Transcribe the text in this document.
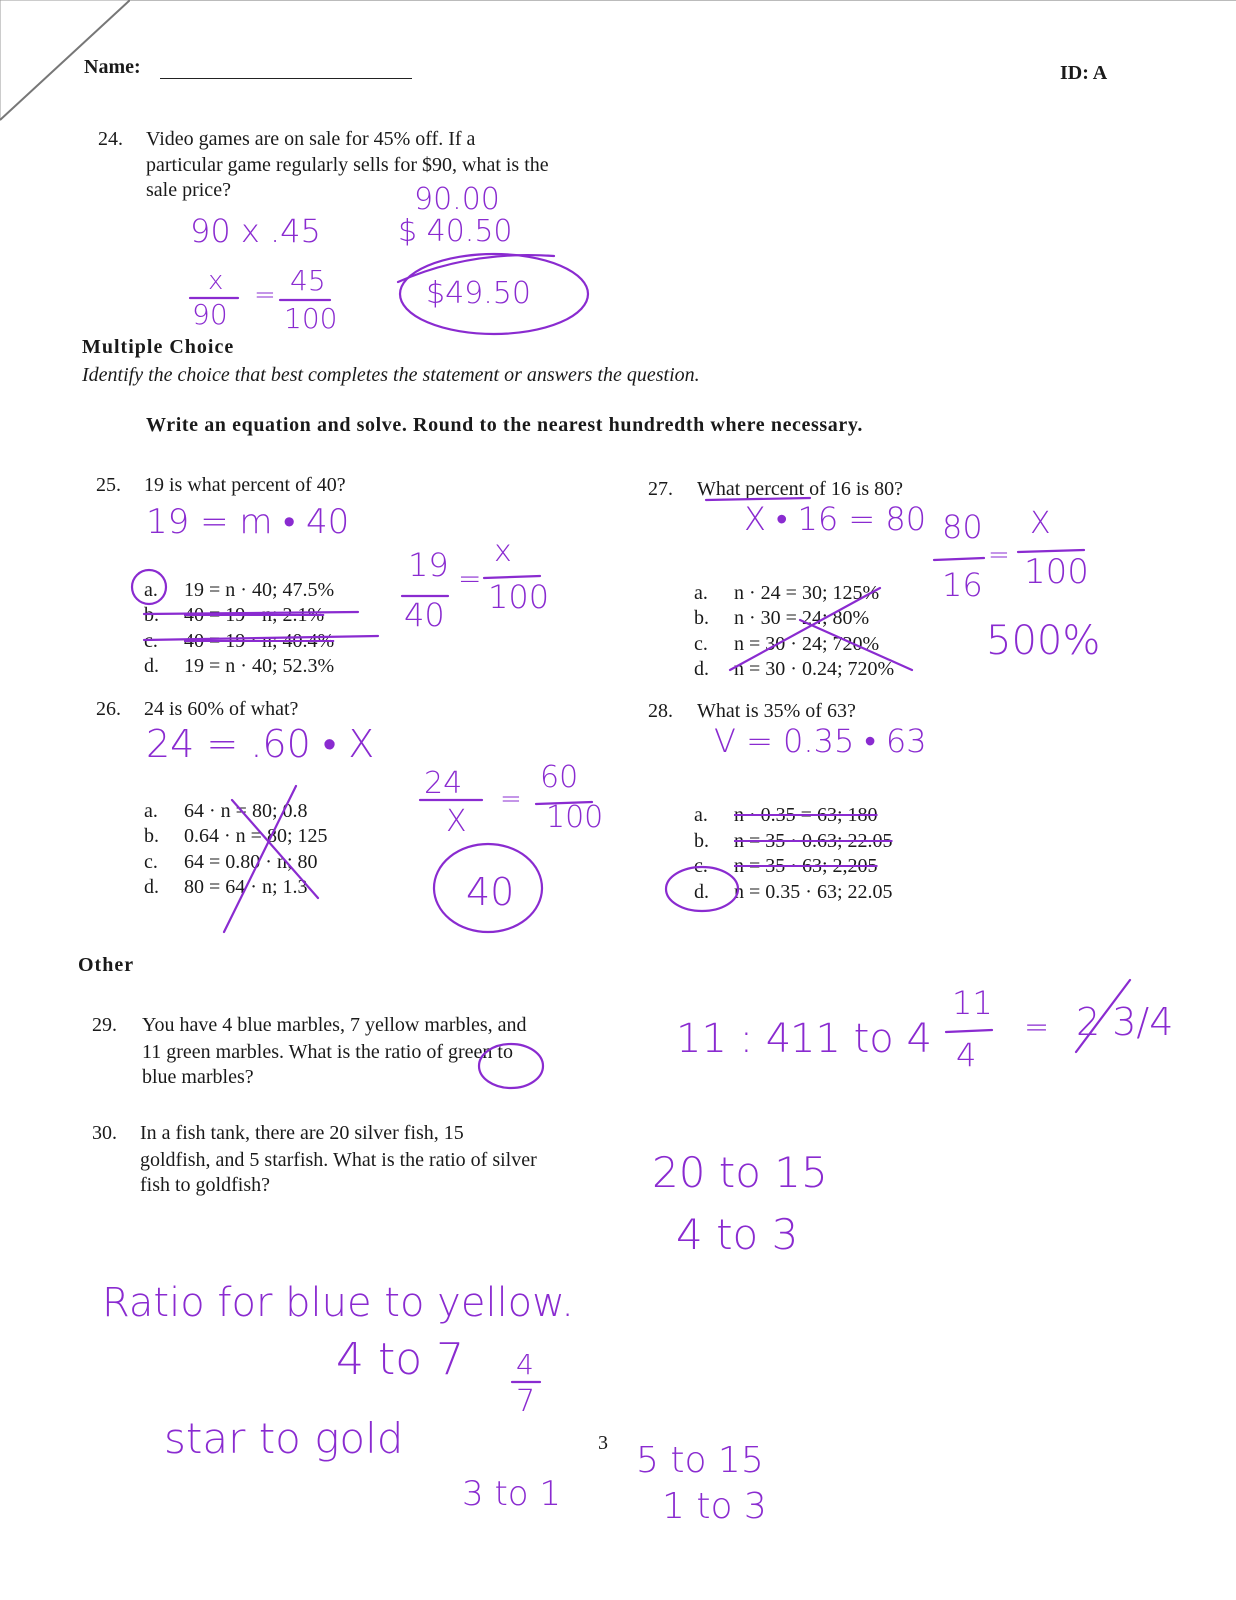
Name:	ID: A
24. Video games are on sale for 45% off. If a
particular game regularly sells for $90, what is the
sale price?
90 x .45
90.00
$ 40.50
$49.50
x
90
45
100
=
Multiple Choice
Identify the choice that best completes the statement or answers the question.
Write an equation and solve. Round to the nearest hundredth where necessary.
25. 19 is what percent of 40?
19 = m • 40
a. 19 = n · 40; 47.5%
b. 40 = 19 · n; 2.1%
c. 40 = 19 · n; 40.4%
d. 19 = n · 40; 52.3%
19
40
x
100
=
26. 24 is 60% of what?
24 = .60 • X
a. 64 · n = 80; 0.8
b. 0.64 · n = 80; 125
c. 64 = 0.80 · n; 80
d. 80 = 64 · n; 1.3
24
X
60
100
40
=
27. What percent of 16 is 80?
X • 16 = 80
a. n · 24 = 30; 125%
b. n · 30 = 24; 80%
c. n = 30 · 24; 720%
d. n = 30 · 0.24; 720%
80
16
X
100
500%
=
28. What is 35% of 63?
V = 0.35 • 63
a. n · 0.35 = 63; 180
b. n = 35 · 0.63; 22.05
c. n = 35 · 63; 2,205
d. n = 0.35 · 63; 22.05
Other
29. You have 4 blue marbles, 7 yellow marbles, and
11 green marbles. What is the ratio of green to
blue marbles?
11 : 4
11 to 4
11
4
= 2 3/4
30. In a fish tank, there are 20 silver fish, 15
goldfish, and 5 starfish. What is the ratio of silver
fish to goldfish?	20 to 15
4 to 3
Ratio for blue to yellow.
4 to 7 4
7
star to gold
3 to 1
5 to 15
1 to 3
3
